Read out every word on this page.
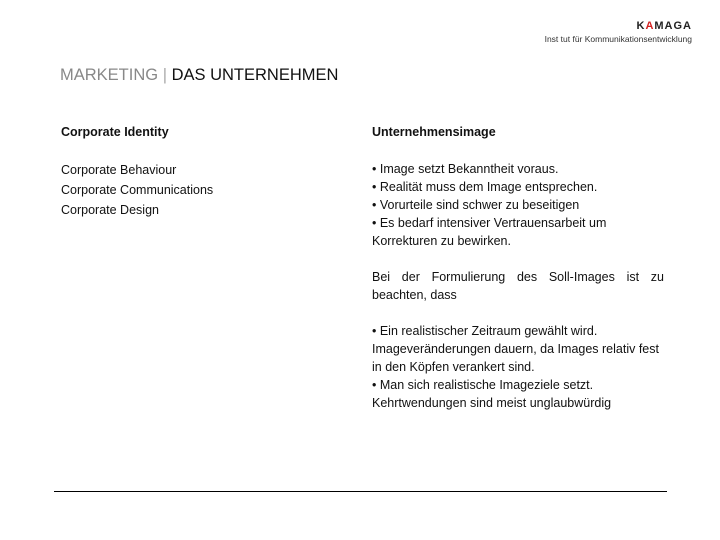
KAMAGA
Inst tut für Kommunikationsentwicklung
MARKETING | DAS UNTERNEHMEN
Corporate Identity
Corporate Behaviour
Corporate Communications
Corporate Design
Unternehmensimage
• Image setzt Bekanntheit voraus.
• Realität muss dem Image entsprechen.
• Vorurteile sind schwer zu beseitigen
• Es bedarf intensiver Vertrauensarbeit um Korrekturen zu bewirken.
Bei der Formulierung des Soll-Images ist zu beachten, dass
• Ein realistischer Zeitraum gewählt wird. Imageveränderungen dauern, da Images relativ fest in den Köpfen verankert sind.
• Man sich realistische Imageziele setzt. Kehrtwendungen sind meist unglaubwürdig
